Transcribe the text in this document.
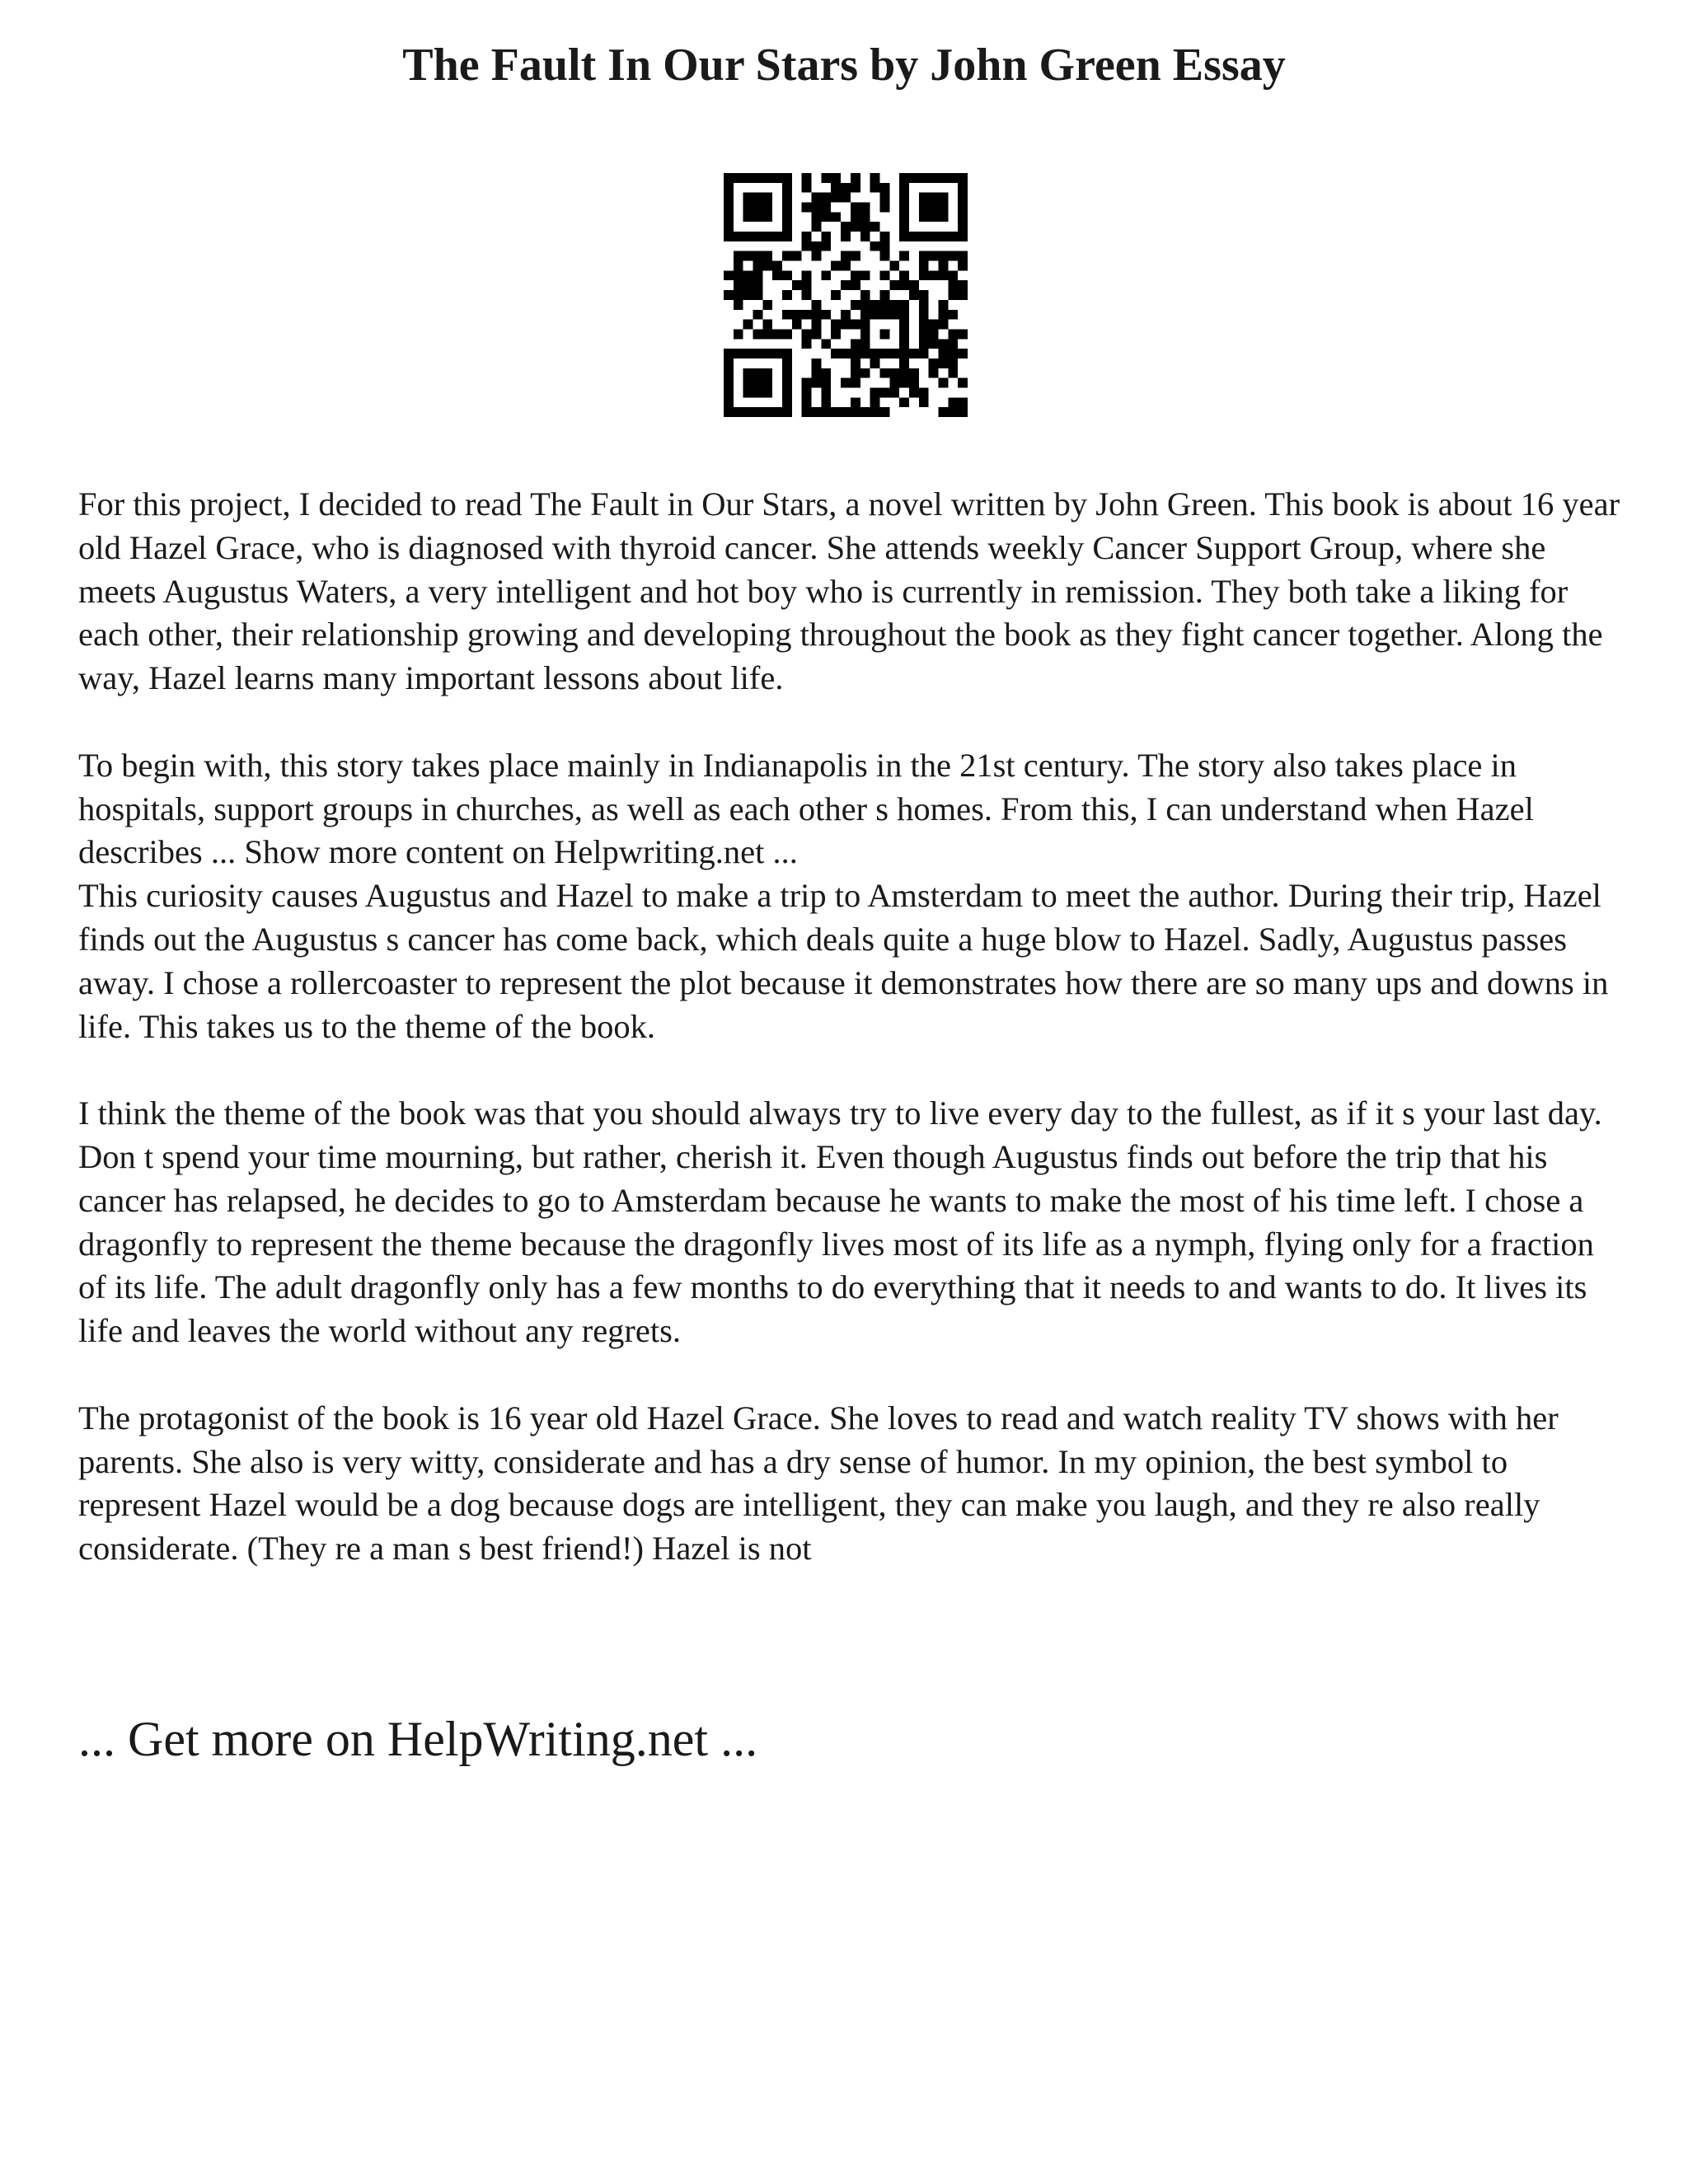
The Fault In Our Stars by John Green Essay

For this project, I decided to read The Fault in Our Stars, a novel written by John Green. This book is about 16 year old Hazel Grace, who is diagnosed with thyroid cancer. She attends weekly Cancer Support Group, where she meets Augustus Waters, a very intelligent and hot boy who is currently in remission. They both take a liking for each other, their relationship growing and developing throughout the book as they fight cancer together. Along the way, Hazel learns many important lessons about life.

To begin with, this story takes place mainly in Indianapolis in the 21st century. The story also takes place in hospitals, support groups in churches, as well as each other s homes. From this, I can understand when Hazel describes ... Show more content on Helpwriting.net ...

This curiosity causes Augustus and Hazel to make a trip to Amsterdam to meet the author. During their trip, Hazel finds out the Augustus s cancer has come back, which deals quite a huge blow to Hazel. Sadly, Augustus passes away. I chose a rollercoaster to represent the plot because it demonstrates how there are so many ups and downs in life. This takes us to the theme of the book.

I think the theme of the book was that you should always try to live every day to the fullest, as if it s your last day. Don t spend your time mourning, but rather, cherish it. Even though Augustus finds out before the trip that his cancer has relapsed, he decides to go to Amsterdam because he wants to make the most of his time left. I chose a dragonfly to represent the theme because the dragonfly lives most of its life as a nymph, flying only for a fraction of its life. The adult dragonfly only has a few months to do everything that it needs to and wants to do. It lives its life and leaves the world without any regrets.

The protagonist of the book is 16 year old Hazel Grace. She loves to read and watch reality TV shows with her parents. She also is very witty, considerate and has a dry sense of humor. In my opinion, the best symbol to represent Hazel would be a dog because dogs are intelligent, they can make you laugh, and they re also really considerate. (They re a man s best friend!) Hazel is not

... Get more on HelpWriting.net ...
